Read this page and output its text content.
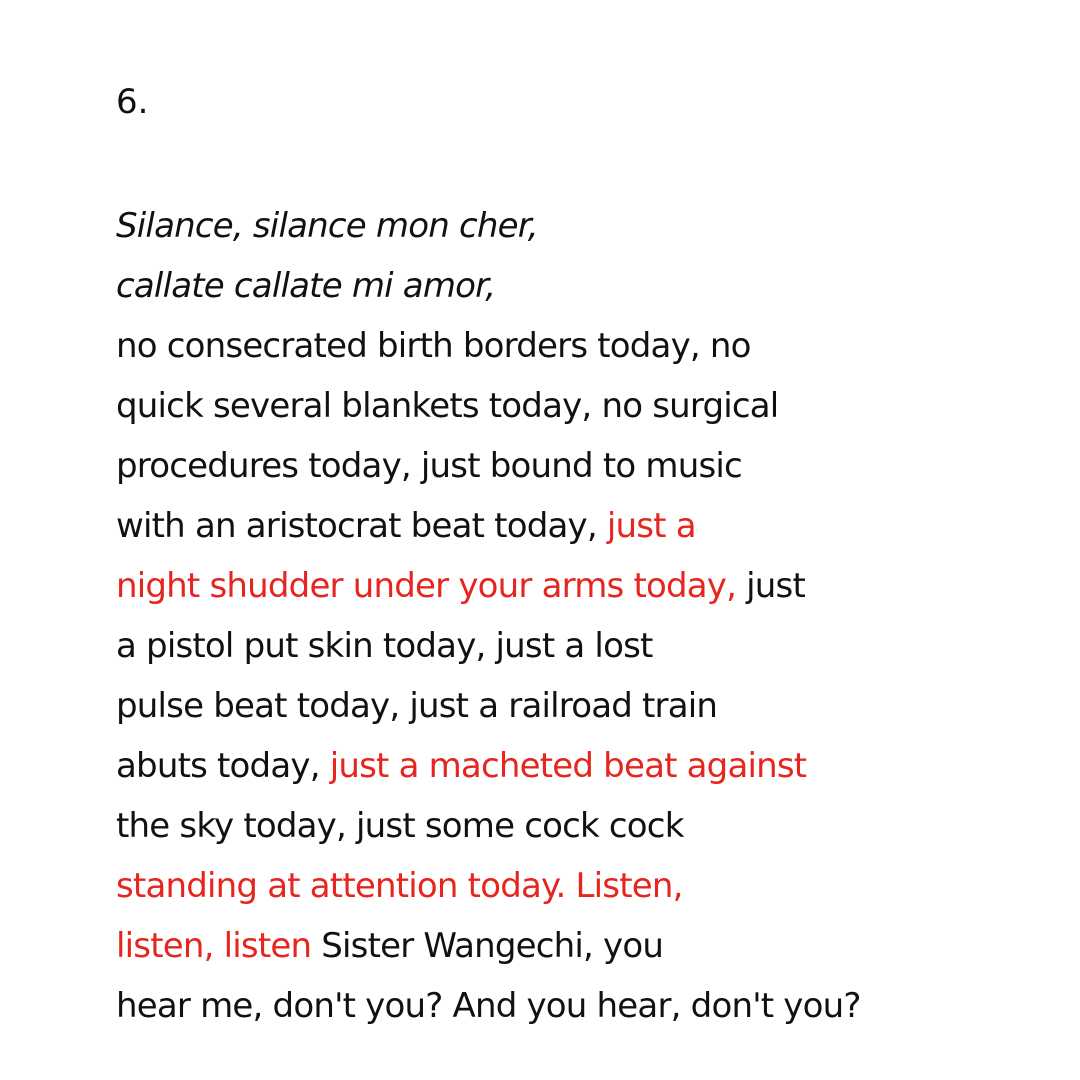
6.
Silance, silance mon cher,
callate callate mi amor,
no consecrated birth borders today, no
quick several blankets today, no surgical
procedures today, just bound to music
with an aristocrat beat today, just a
night shudder under your arms today, just
a pistol put skin today, just a lost
pulse beat today, just a railroad train
abuts today, just a macheted beat against
the sky today, just some cock cock
standing at attention today. Listen,
listen, listen Sister Wangechi, you
hear me, don't you? And you hear, don't you?
